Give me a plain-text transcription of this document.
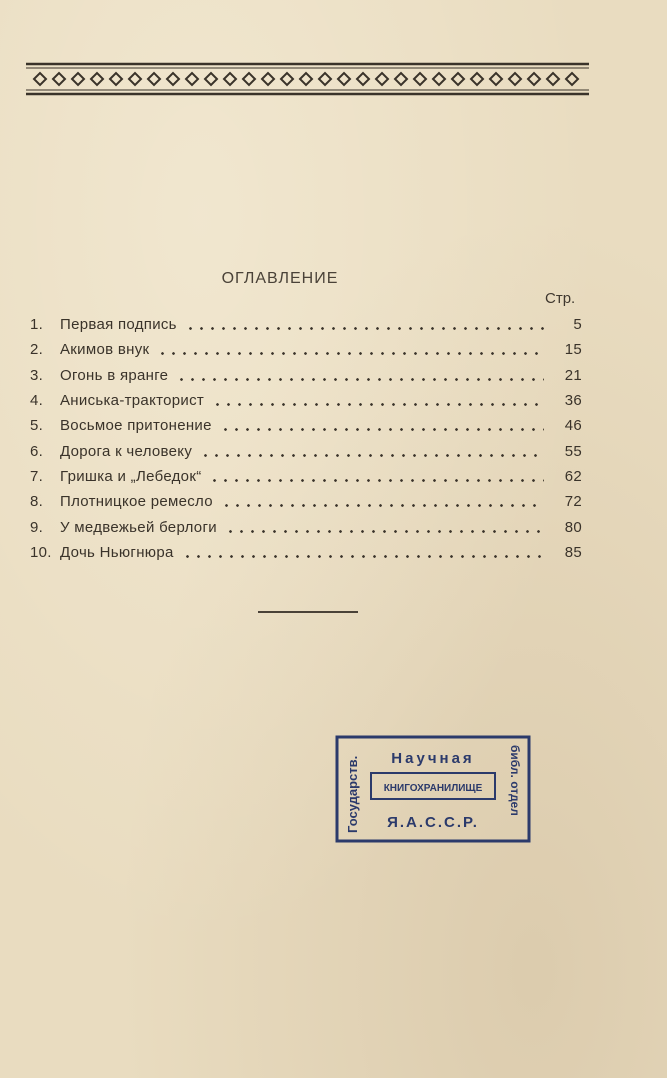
ОГЛАВЛЕНИЕ
Стр.
1.	Первая подпись	5
2.	Акимов внук	15
3.	Огонь в яранге	21
4.	Аниська-тракторист	36
5.	Восьмое притонение	46
6.	Дорога к человеку	55
7.	Гришка и „Лебедок“	62
8.	Плотницкое ремесло	72
9.	У медвежьей берлоги	80
10. Дочь Ньюгнюра	85
Государств. Научная
КНИГОХРАНИЛИЩЕ
Я.А.С.С.Р.
библ. отдел
